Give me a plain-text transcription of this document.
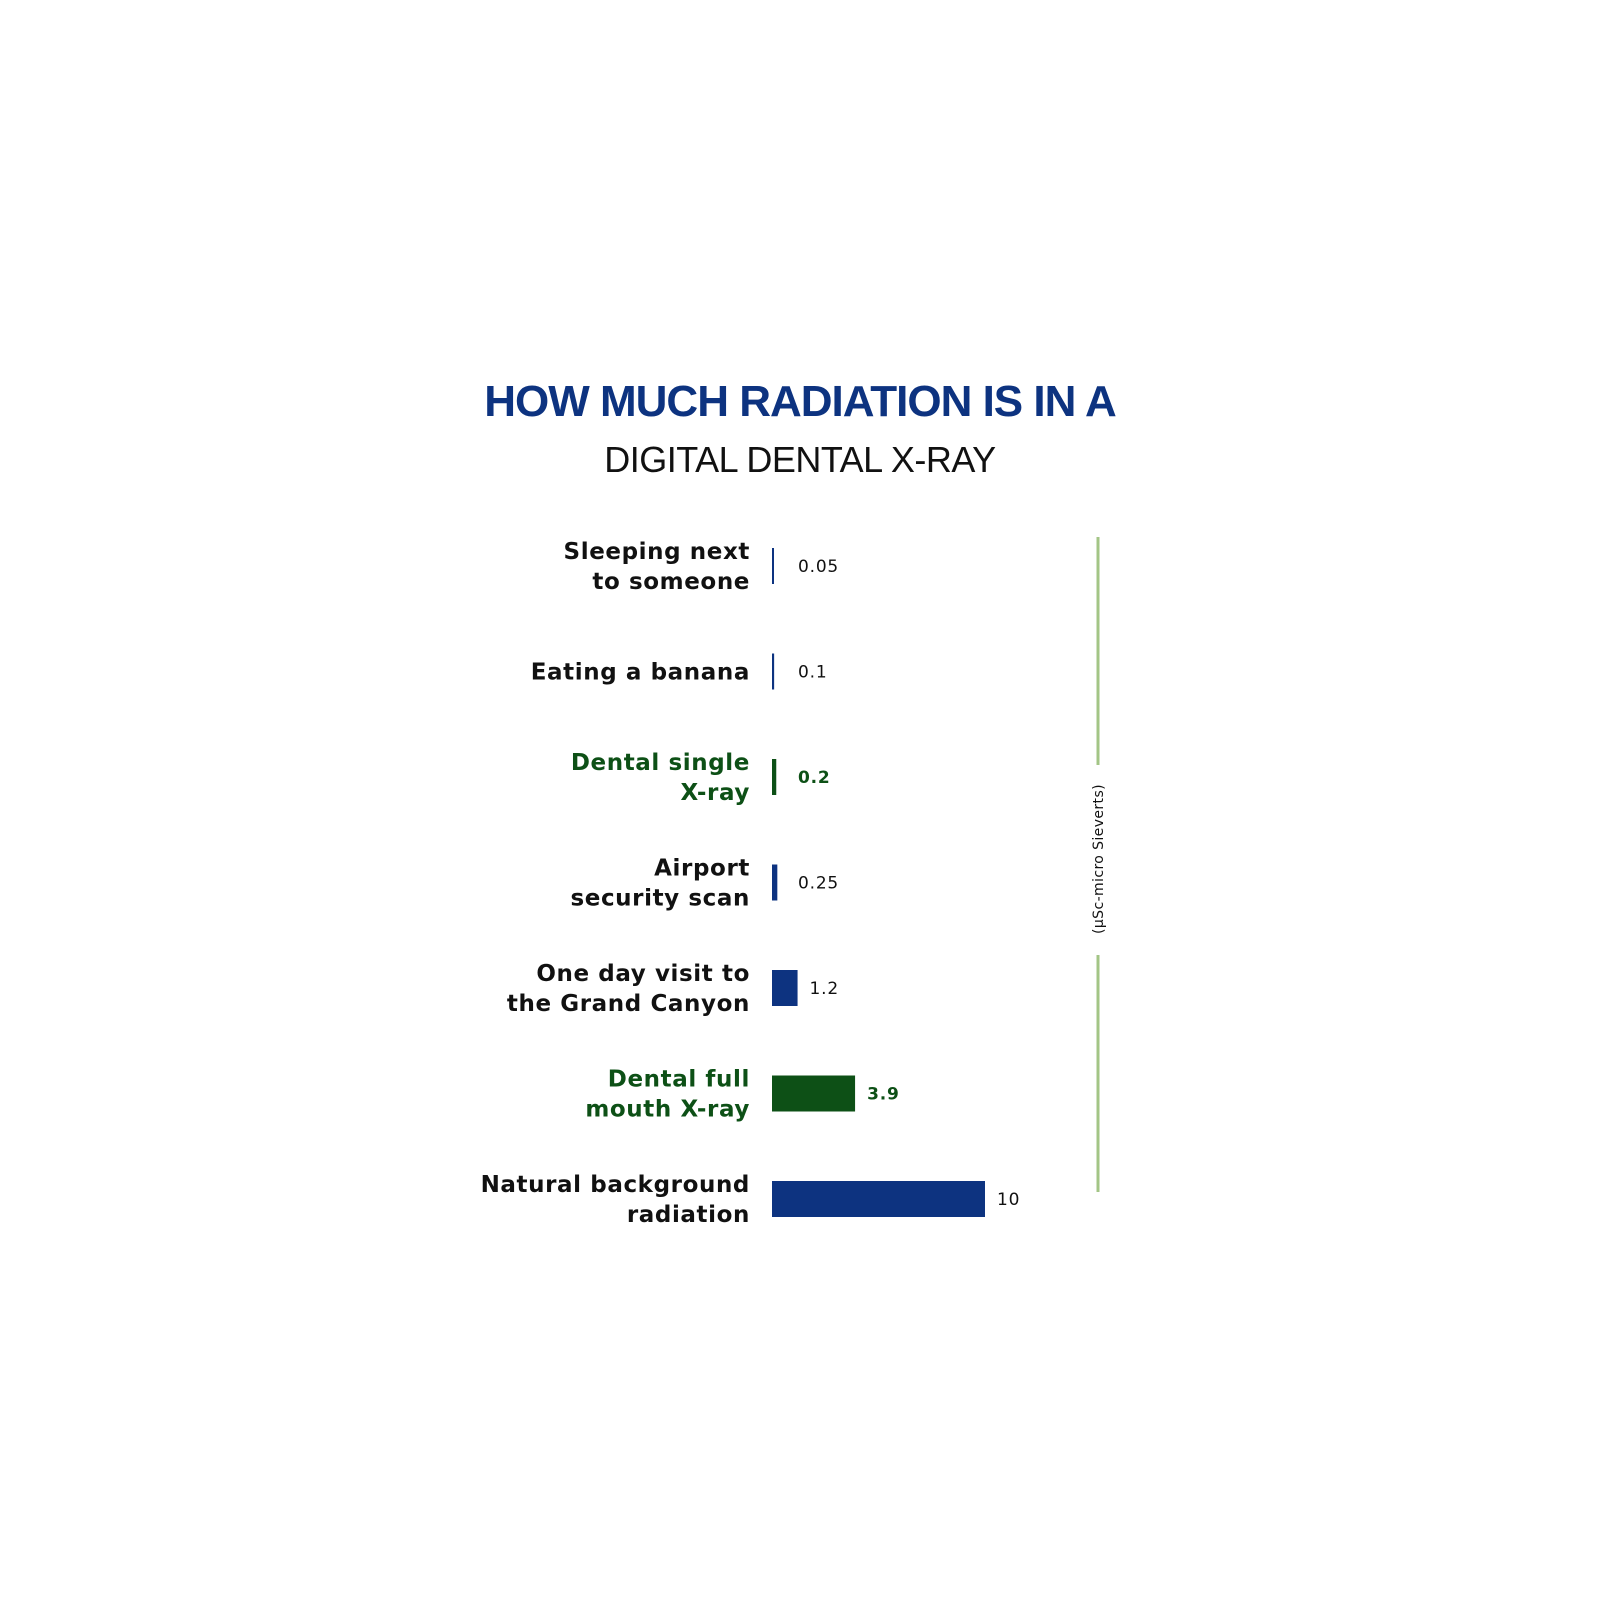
HOW MUCH RADIATION IS IN A
DIGITAL DENTAL X-RAY
(µSc-micro Sieverts)
0.05
Sleeping next to someone
0.1
Eating a banana
0.2
Dental single X-ray
0.25
Airport security scan
1.2
One day visit to the Grand Canyon
3.9
Dental full mouth X-ray
10
Natural background radiation
